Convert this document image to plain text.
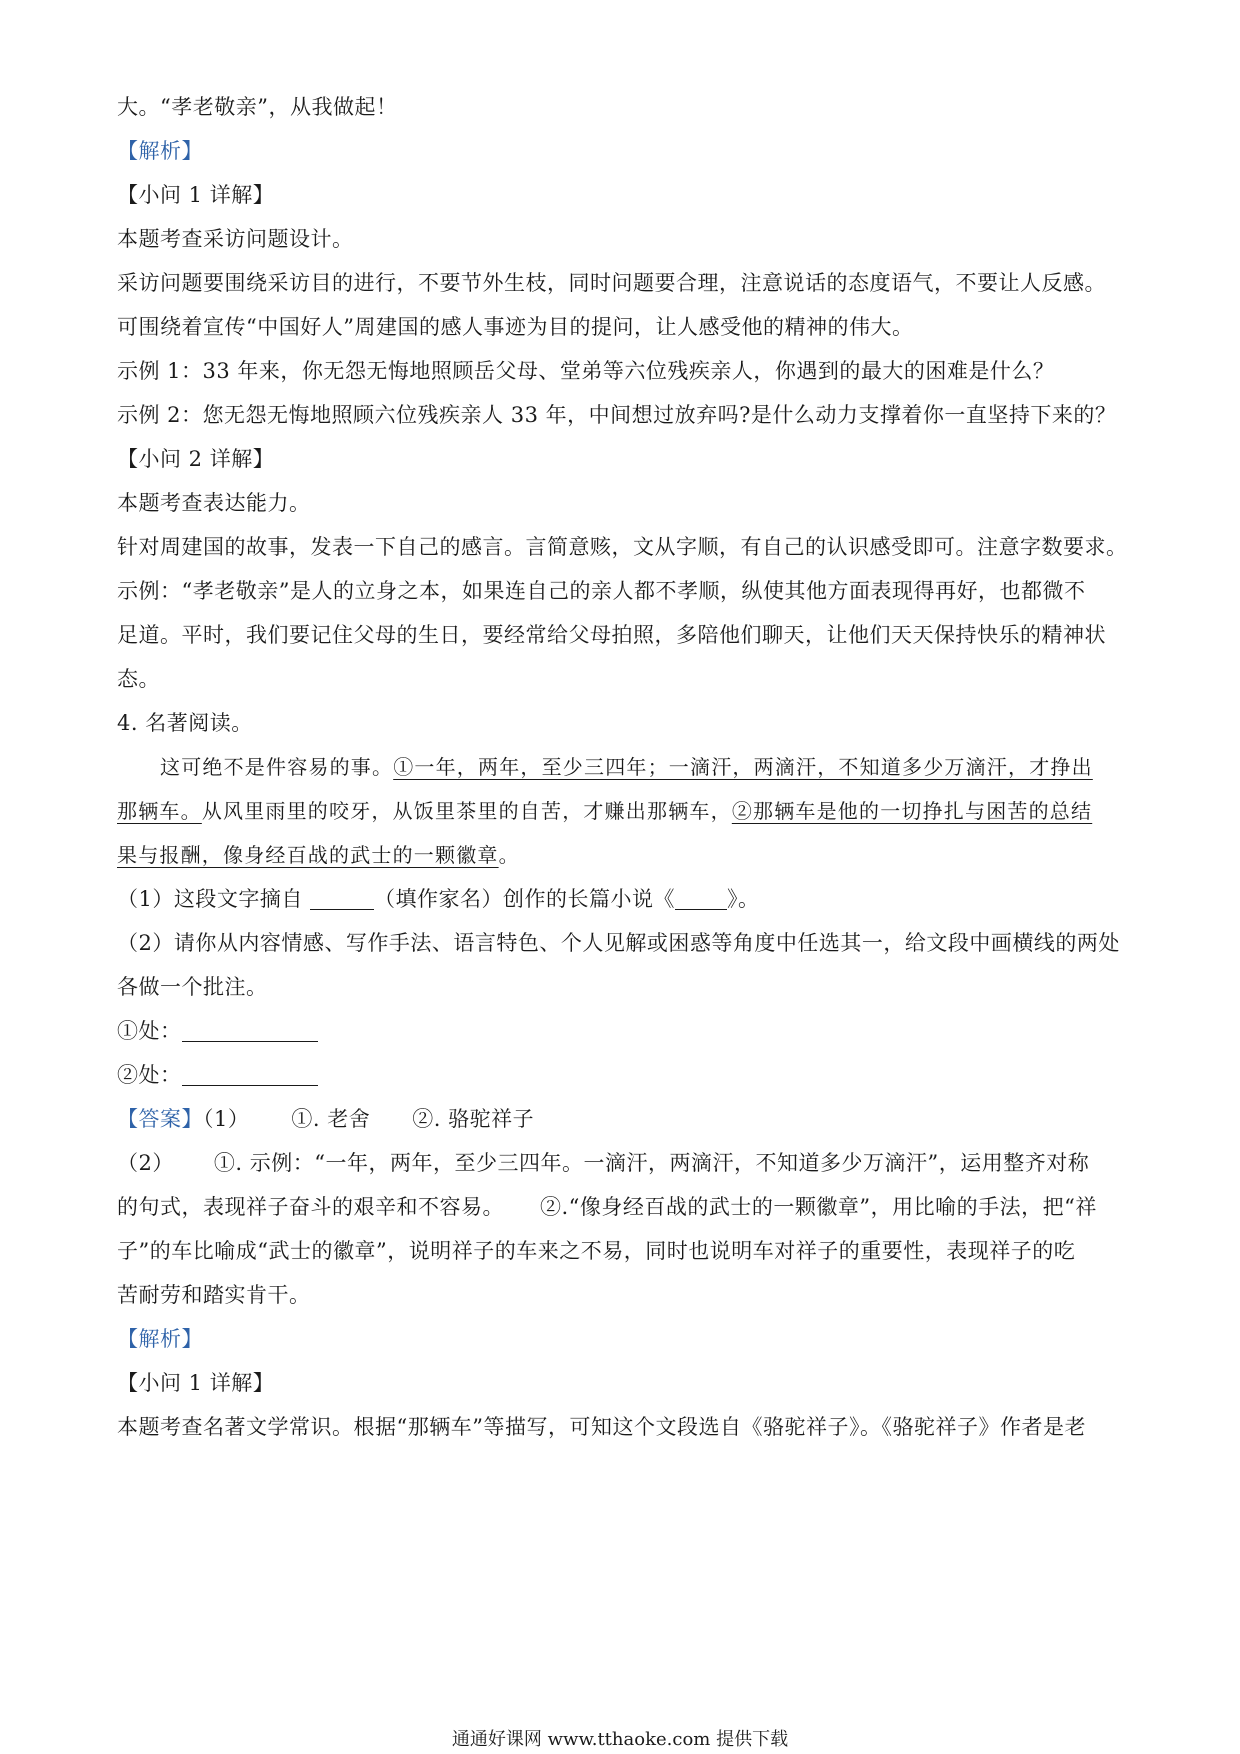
大。“孝老敬亲”，从我做起！
【解析】
【小问 1 详解】
本题考查采访问题设计。
采访问题要围绕采访目的进行，不要节外生枝，同时问题要合理，注意说话的态度语气，不要让人反感。
可围绕着宣传“中国好人”周建国的感人事迹为目的提问，让人感受他的精神的伟大。
示例 1：33 年来，你无怨无悔地照顾岳父母、堂弟等六位残疾亲人，你遇到的最大的困难是什么？
示例 2：您无怨无悔地照顾六位残疾亲人 33 年，中间想过放弃吗?是什么动力支撑着你一直坚持下来的？
【小问 2 详解】
本题考查表达能力。
针对周建国的故事，发表一下自己的感言。言简意赅，文从字顺，有自己的认识感受即可。注意字数要求。
示例：“孝老敬亲”是人的立身之本，如果连自己的亲人都不孝顺，纵使其他方面表现得再好，也都微不
足道。平时，我们要记住父母的生日，要经常给父母拍照，多陪他们聊天，让他们天天保持快乐的精神状
态。
4. 名著阅读。
这可绝不是件容易的事。①一年，两年，至少三四年；一滴汗，两滴汗，不知道多少万滴汗，才挣出
那辆车。从风里雨里的咬牙，从饭里茶里的自苦，才赚出那辆车，②那辆车是他的一切挣扎与困苦的总结
果与报酬，像身经百战的武士的一颗徽章。
（1）这段文字摘自	（填作家名）创作的长篇小说《 》。
（2）请你从内容情感、写作手法、语言特色、个人见解或困惑等角度中任选其一，给文段中画横线的两处
各做一个批注。
①处：
②处：
【答案】（1） ①. 老舍 ②. 骆驼祥子
（2） ①. 示例：“一年，两年，至少三四年。一滴汗，两滴汗，不知道多少万滴汗”，运用整齐对称
的句式，表现祥子奋斗的艰辛和不容易。 ②.“像身经百战的武士的一颗徽章”，用比喻的手法，把“祥
子”的车比喻成“武士的徽章”，说明祥子的车来之不易，同时也说明车对祥子的重要性，表现祥子的吃
苦耐劳和踏实肯干。
【解析】
【小问 1 详解】
本题考查名著文学常识。根据“那辆车”等描写，可知这个文段选自《骆驼祥子》。《骆驼祥子》作者是老
通通好课网 www.tthaoke.com 提供下载
